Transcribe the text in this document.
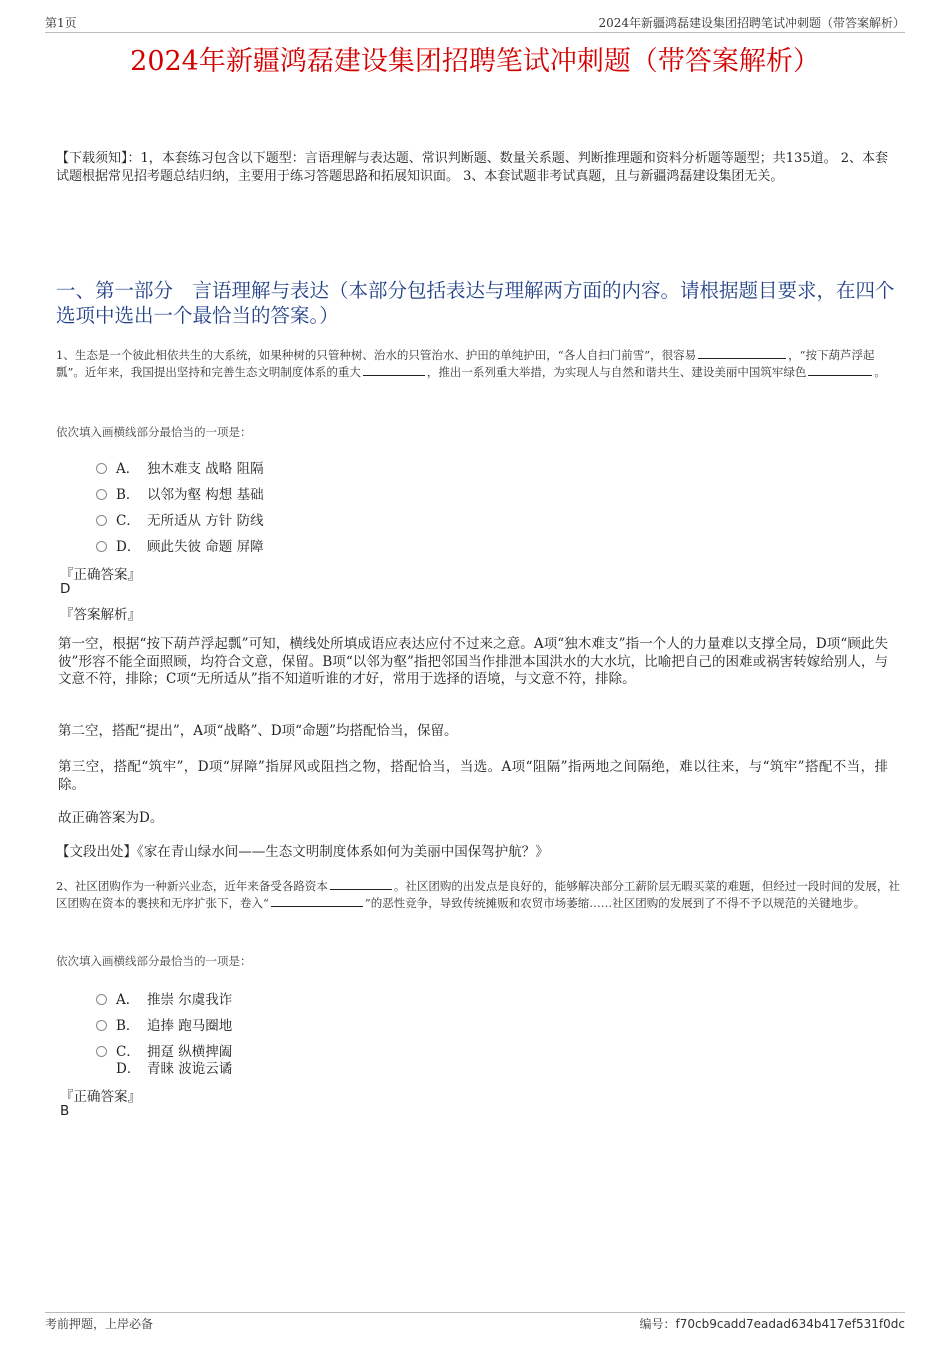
第1页	2024年新疆鸿磊建设集团招聘笔试冲刺题（带答案解析）
2024年新疆鸿磊建设集团招聘笔试冲刺题（带答案解析）
【下载须知】：1，本套练习包含以下题型：言语理解与表达题、常识判断题、数量关系题、判断推理题和资料分析题等题型；共135道。 2、本套试题根据常见招考题总结归纳，主要用于练习答题思路和拓展知识面。 3、本套试题非考试真题，且与新疆鸿磊建设集团无关。
一、第一部分　言语理解与表达（本部分包括表达与理解两方面的内容。请根据题目要求，在四个选项中选出一个最恰当的答案。）
1、生态是一个彼此相依共生的大系统，如果种树的只管种树、治水的只管治水、护田的单纯护田，“各人自扫门前雪”，很容易	，“按下葫芦浮起瓢”。近年来，我国提出坚持和完善生态文明制度体系的重大	，推出一系列重大举措，为实现人与自然和谐共生、建设美丽中国筑牢绿色	。
依次填入画横线部分最恰当的一项是：
A． 独木难支 战略 阻隔
B． 以邻为壑 构想 基础
C． 无所适从 方针 防线
D． 顾此失彼 命题 屏障
『正确答案』
D
『答案解析』
第一空，根据“按下葫芦浮起瓢”可知，横线处所填成语应表达应付不过来之意。A项“独木难支”指一个人的力量难以支撑全局，D项“顾此失彼”形容不能全面照顾，均符合文意，保留。B项“以邻为壑”指把邻国当作排泄本国洪水的大水坑，比喻把自己的困难或祸害转嫁给别人，与文意不符，排除；C项“无所适从”指不知道听谁的才好，常用于选择的语境，与文意不符，排除。
第二空，搭配“提出”，A项“战略”、D项“命题”均搭配恰当，保留。
第三空，搭配“筑牢”，D项“屏障”指屏风或阻挡之物，搭配恰当，当选。A项“阻隔”指两地之间隔绝，难以往来，与“筑牢”搭配不当，排除。
故正确答案为D。
【文段出处】《家在青山绿水间——生态文明制度体系如何为美丽中国保驾护航？》
2、社区团购作为一种新兴业态，近年来备受各路资本	。社区团购的出发点是良好的，能够解决部分工薪阶层无暇买菜的难题，但经过一段时间的发展，社区团购在资本的裹挟和无序扩张下，卷入“	”的恶性竞争，导致传统摊贩和农贸市场萎缩……社区团购的发展到了不得不予以规范的关键地步。
依次填入画横线部分最恰当的一项是：
A． 推崇 尔虞我诈
B． 追捧 跑马圈地
C． 拥趸 纵横捭阖
D． 青睐 波诡云谲
『正确答案』
B
考前押题，上岸必备	编号：f70cb9cadd7eadad634b417ef531f0dc
